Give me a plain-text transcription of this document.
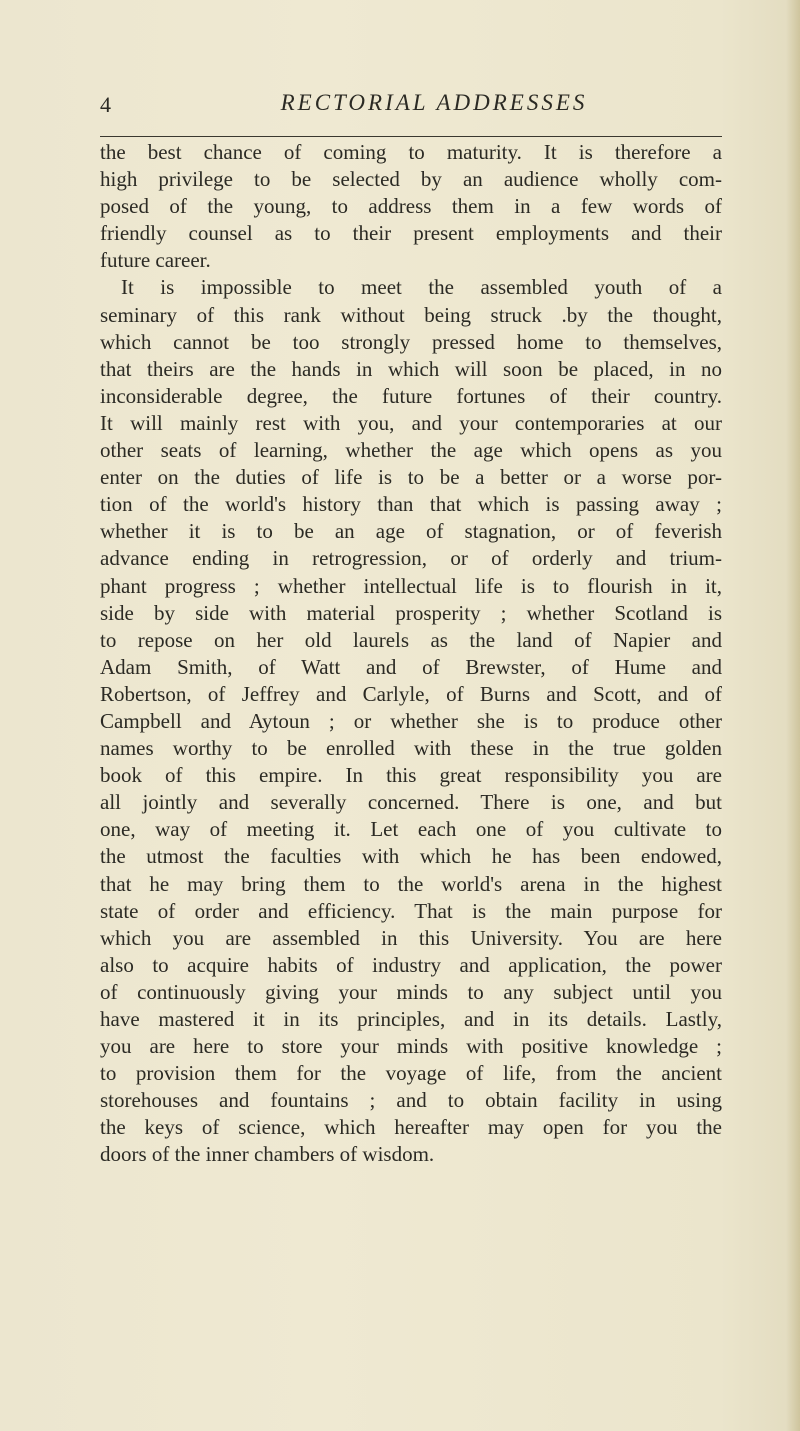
4	RECTORIAL ADDRESSES

the best chance of coming to maturity. It is therefore a
high privilege to be selected by an audience wholly com-
posed of the young, to address them in a few words of
friendly counsel as to their present employments and their
future career.

It is impossible to meet the assembled youth of a
seminary of this rank without being struck .by the thought,
which cannot be too strongly pressed home to themselves,
that theirs are the hands in which will soon be placed, in no
inconsiderable degree, the future fortunes of their country.
It will mainly rest with you, and your contemporaries at our
other seats of learning, whether the age which opens as you
enter on the duties of life is to be a better or a worse por-
tion of the world's history than that which is passing away ;
whether it is to be an age of stagnation, or of feverish
advance ending in retrogression, or of orderly and trium-
phant progress ; whether intellectual life is to flourish in it,
side by side with material prosperity ; whether Scotland is
to repose on her old laurels as the land of Napier and
Adam Smith, of Watt and of Brewster, of Hume and
Robertson, of Jeffrey and Carlyle, of Burns and Scott, and of
Campbell and Aytoun ; or whether she is to produce other
names worthy to be enrolled with these in the true golden
book of this empire. In this great responsibility you are
all jointly and severally concerned. There is one, and but
one, way of meeting it. Let each one of you cultivate to
the utmost the faculties with which he has been endowed,
that he may bring them to the world's arena in the highest
state of order and efficiency. That is the main purpose for
which you are assembled in this University. You are here
also to acquire habits of industry and application, the power
of continuously giving your minds to any subject until you
have mastered it in its principles, and in its details. Lastly,
you are here to store your minds with positive knowledge ;
to provision them for the voyage of life, from the ancient
storehouses and fountains ; and to obtain facility in using
the keys of science, which hereafter may open for you the
doors of the inner chambers of wisdom.
